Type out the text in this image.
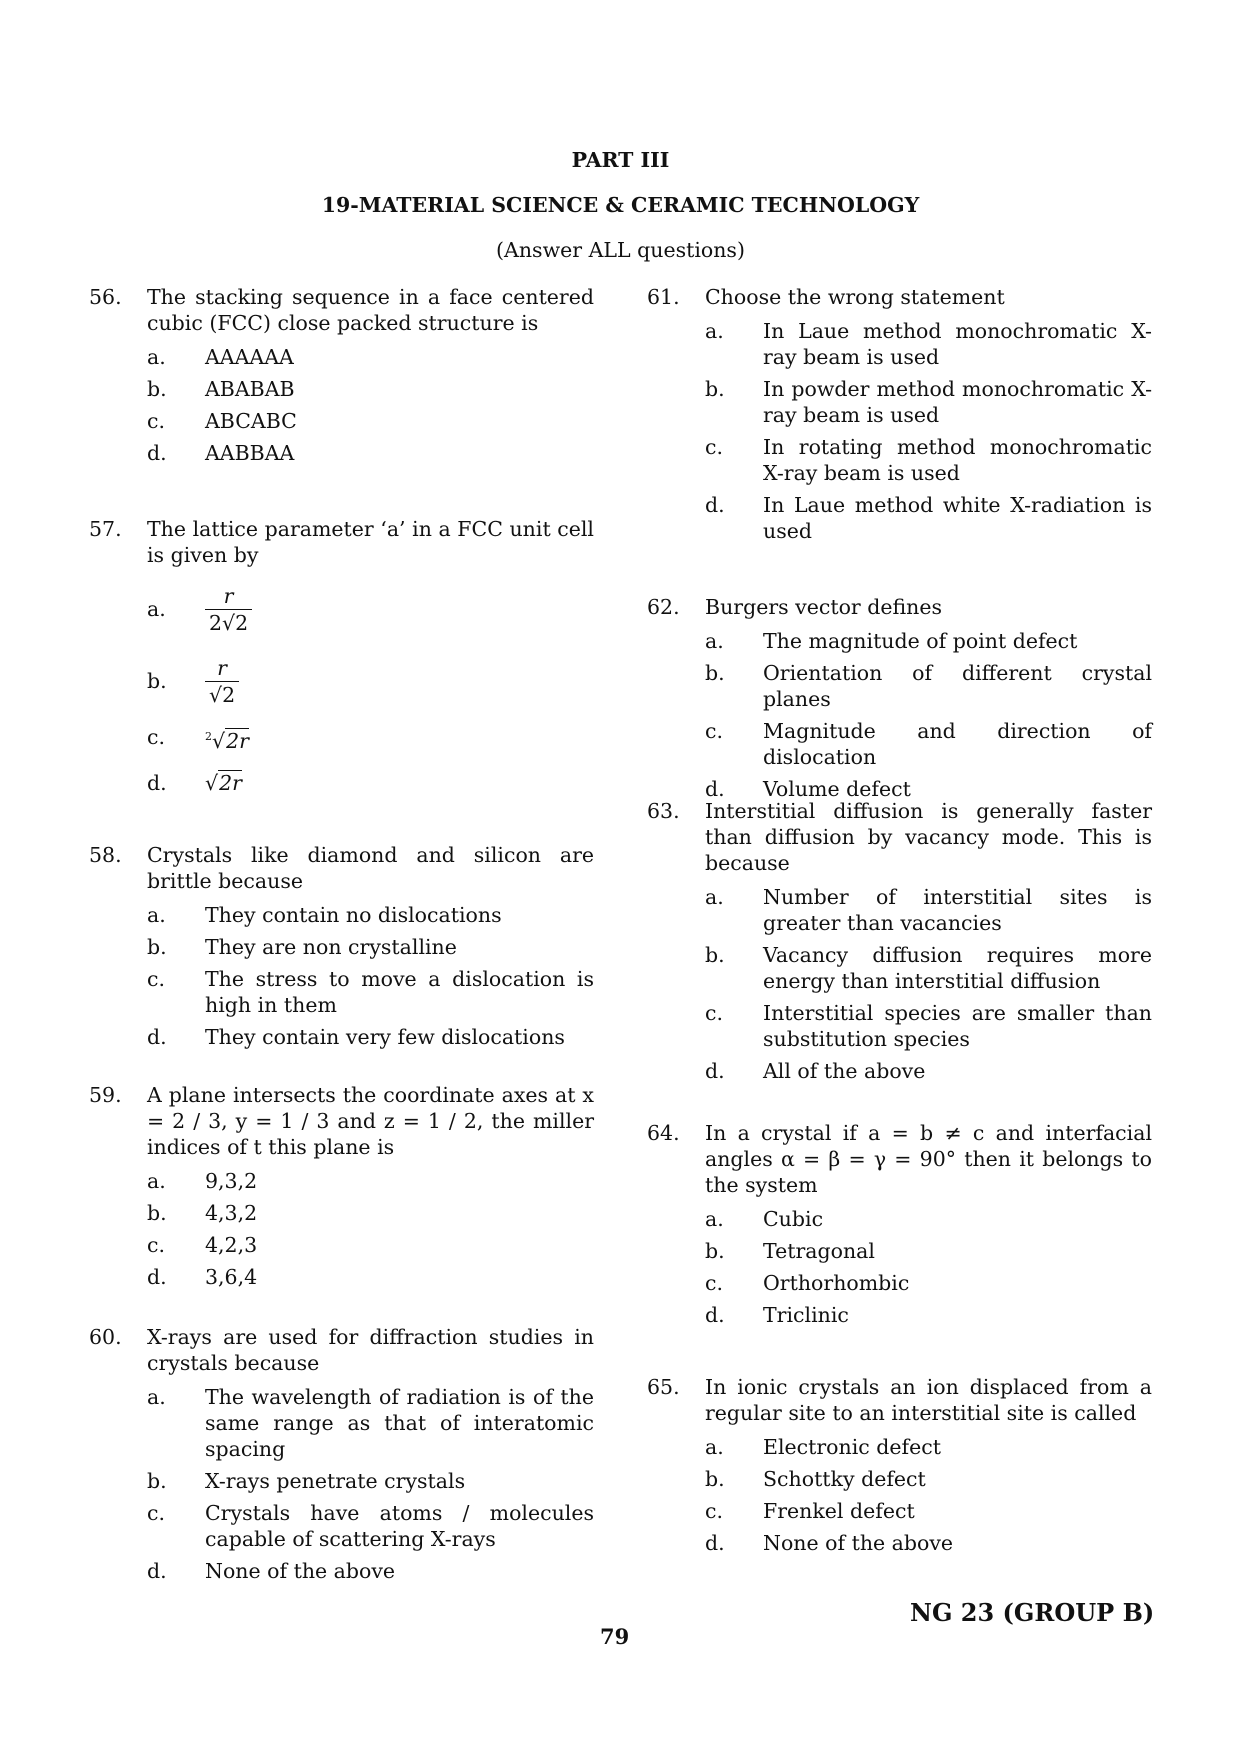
PART III
19-MATERIAL SCIENCE & CERAMIC TECHNOLOGY
(Answer ALL questions)
56.	The stacking sequence in a face centered cubic (FCC) close packed structure is
a.	AAAAAA
b.	ABABAB
c.	ABCABC
d.	AABBAA
57.	The lattice parameter ‘a’ in a FCC unit cell is given by
a.	$\frac{r}{2√2}$
b.	$\frac{r}{√2}$
c.	$^2$√2r
d.	√2r
58.	Crystals like diamond and silicon are brittle because
a.	They contain no dislocations
b.	They are non crystalline
c.	The stress to move a dislocation is high in them
d.	They contain very few dislocations
59.	A plane intersects the coordinate axes at x = 2 / 3, y = 1 / 3 and z = 1 / 2, the miller indices of t this plane is
a.	9,3,2
b.	4,3,2
c.	4,2,3
d.	3,6,4
60.	X-rays are used for diffraction studies in crystals because
a.	The wavelength of radiation is of the same range as that of interatomic spacing
b.	X-rays penetrate crystals
c.	Crystals have atoms / molecules capable of scattering X-rays
d.	None of the above
61.	Choose the wrong statement
a.	In Laue method monochromatic X-ray beam is used
b.	In powder method monochromatic X-ray beam is used
c.	In rotating method monochromatic X-ray beam is used
d.	In Laue method white X-radiation is used
62.	Burgers vector defines
a.	The magnitude of point defect
b.	Orientation of different crystal planes
c.	Magnitude and direction of dislocation
d.	Volume defect
63.	Interstitial diffusion is generally faster than diffusion by vacancy mode. This is because
a.	Number of interstitial sites is greater than vacancies
b.	Vacancy diffusion requires more energy than interstitial diffusion
c.	Interstitial species are smaller than substitution species
d.	All of the above
64.	In a crystal if a = b ≠ c and interfacial angles α = β = γ = 90° then it belongs to the system
a.	Cubic
b.	Tetragonal
c.	Orthorhombic
d.	Triclinic
65.	In ionic crystals an ion displaced from a regular site to an interstitial site is called
a.	Electronic defect
b.	Schottky defect
c.	Frenkel defect
d.	None of the above
79
NG 23 (GROUP B)
